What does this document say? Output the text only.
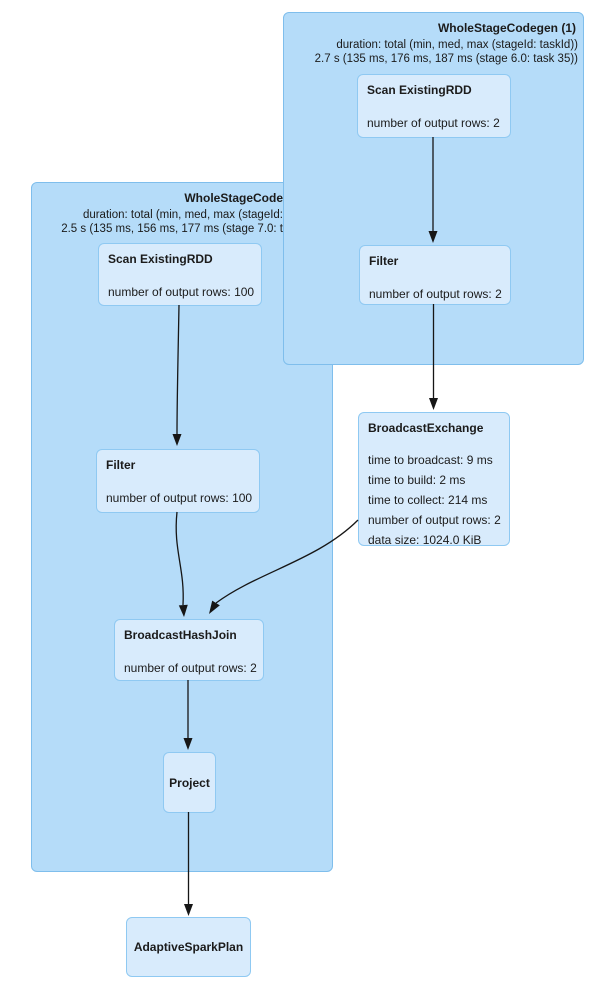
WholeStageCode
duration: total (min, med, max (stageId:
2.5 s (135 ms, 156 ms, 177 ms (stage 7.0: t
Scan ExistingRDD
number of output rows: 100
Filter
number of output rows: 100
BroadcastHashJoin
number of output rows: 2
Project
WholeStageCodegen (1)
duration: total (min, med, max (stageId: taskId))
2.7 s (135 ms, 176 ms, 187 ms (stage 6.0: task 35))
Scan ExistingRDD
number of output rows: 2
Filter
number of output rows: 2
BroadcastExchange
time to broadcast: 9 ms
time to build: 2 ms
time to collect: 214 ms
number of output rows: 2
data size: 1024.0 KiB
AdaptiveSparkPlan
